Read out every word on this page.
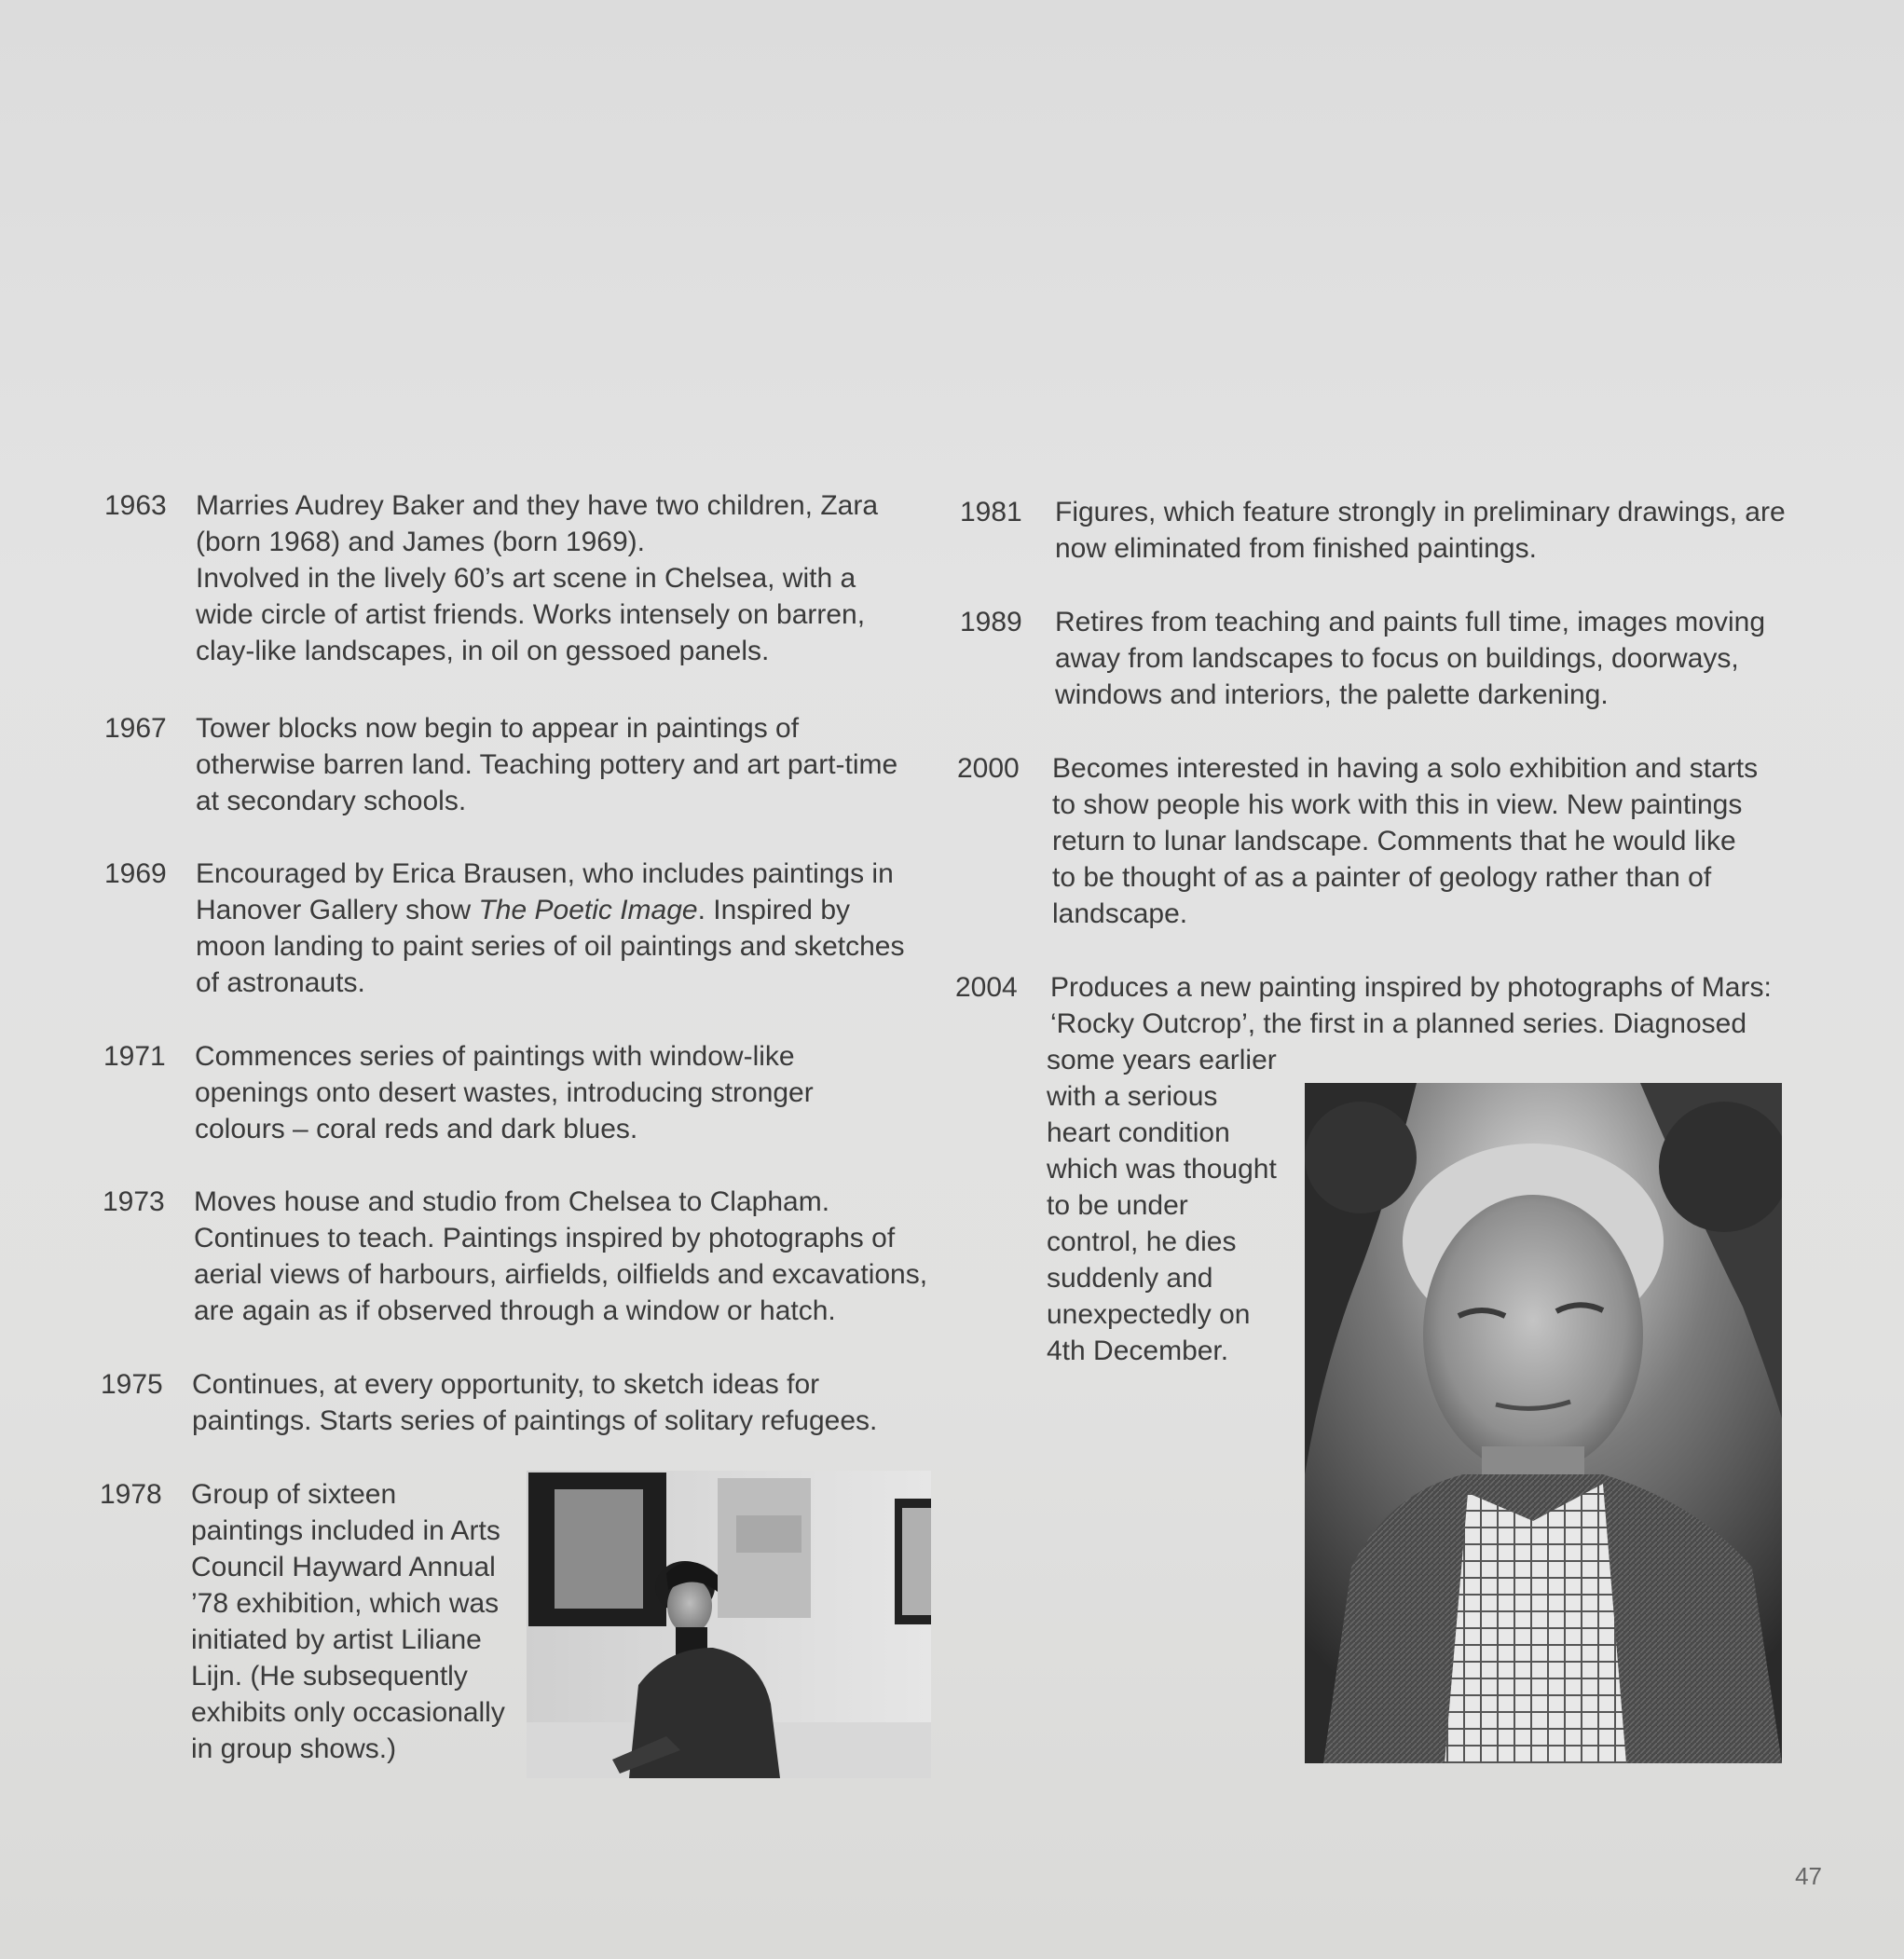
1963 Marries Audrey Baker and they have two children, Zara

(born 1968) and James (born 1969).

Involved in the lively 60’s art scene in Chelsea, with a

wide circle of artist friends. Works intensely on barren,

clay-like landscapes, in oil on gessoed panels.

1967 Tower blocks now begin to appear in paintings of

otherwise barren land. Teaching pottery and art part-time

at secondary schools.

1969 Encouraged by Erica Brausen, who includes paintings in

Hanover Gallery show The Poetic Image. Inspired by

moon landing to paint series of oil paintings and sketches

of astronauts.

1971 Commences series of paintings with window-like

openings onto desert wastes, introducing stronger

colours – coral reds and dark blues.

1973 Moves house and studio from Chelsea to Clapham.

Continues to teach. Paintings inspired by photographs of

aerial views of harbours, airfields, oilfields and excavations,

are again as if observed through a window or hatch.

1975 Continues, at every opportunity, to sketch ideas for

paintings. Starts series of paintings of solitary refugees.

1978 Group of sixteen

paintings included in Arts

Council Hayward Annual

’78 exhibition, which was

initiated by artist Liliane

Lijn. (He subsequently

exhibits only occasionally

in group shows.)

1981 Figures, which feature strongly in preliminary drawings, are

now eliminated from finished paintings.

1989 Retires from teaching and paints full time, images moving

away from landscapes to focus on buildings, doorways,

windows and interiors, the palette darkening.

2000 Becomes interested in having a solo exhibition and starts

to show people his work with this in view. New paintings

return to lunar landscape. Comments that he would like

to be thought of as a painter of geology rather than of

landscape.

2004 Produces a new painting inspired by photographs of Mars:

‘Rocky Outcrop’, the first in a planned series. Diagnosed

some years earlier

with a serious

heart condition

which was thought

to be under

control, he dies

suddenly and

unexpectedly on

4th December.

47
